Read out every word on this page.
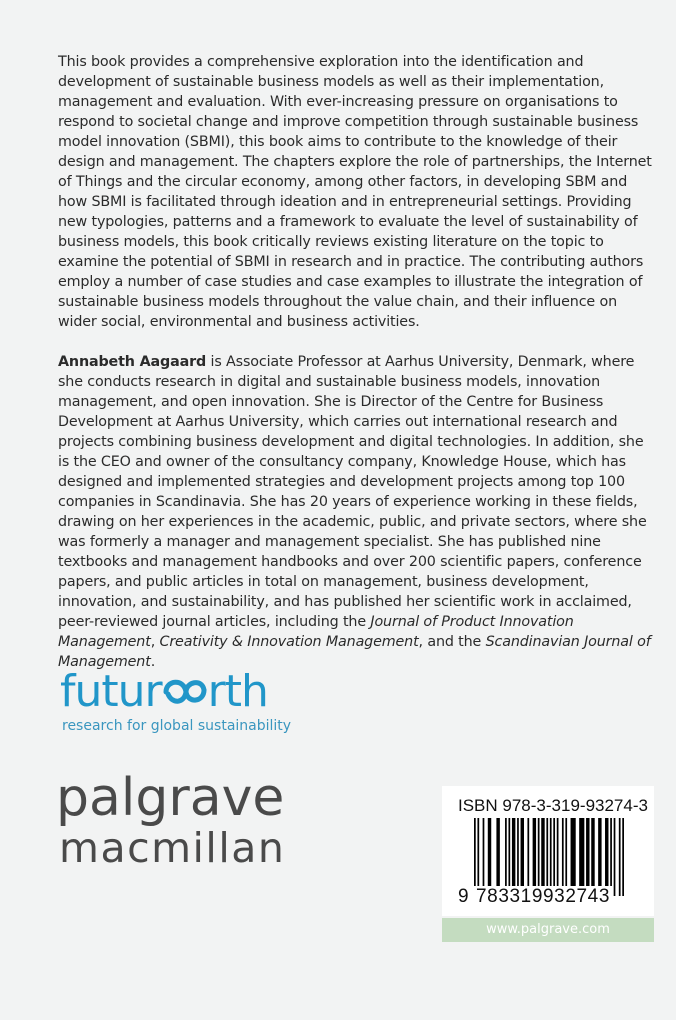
This book provides a comprehensive exploration into the identification and development of sustainable business models as well as their implementation, management and evaluation. With ever-increasing pressure on organisations to respond to societal change and improve competition through sustainable business model innovation (SBMI), this book aims to contribute to the knowledge of their design and management. The chapters explore the role of partnerships, the Internet of Things and the circular economy, among other factors, in developing SBM and how SBMI is facilitated through ideation and in entrepreneurial settings. Providing new typologies, patterns and a framework to evaluate the level of sustainability of business models, this book critically reviews existing literature on the topic to examine the potential of SBMI in research and in practice. The contributing authors employ a number of case studies and case examples to illustrate the integration of sustainable business models throughout the value chain, and their influence on wider social, environmental and business activities.

Annabeth Aagaard is Associate Professor at Aarhus University, Denmark, where she conducts research in digital and sustainable business models, innovation management, and open innovation. She is Director of the Centre for Business Development at Aarhus University, which carries out international research and projects combining business development and digital technologies. In addition, she is the CEO and owner of the consultancy company, Knowledge House, which has designed and implemented strategies and development projects among top 100 companies in Scandinavia. She has 20 years of experience working in these fields, drawing on her experiences in the academic, public, and private sectors, where she was formerly a manager and management specialist. She has published nine textbooks and management handbooks and over 200 scientific papers, conference papers, and public articles in total on management, business development, innovation, and sustainability, and has published her scientific work in acclaimed, peer-reviewed journal articles, including the Journal of Product Innovation Management, Creativity & Innovation Management, and the Scandinavian Journal of Management.

futur rth
research for global sustainability
palgrave
macmillan
ISBN 978-3-319-93274-3
9 783319932743
www.palgrave.com
